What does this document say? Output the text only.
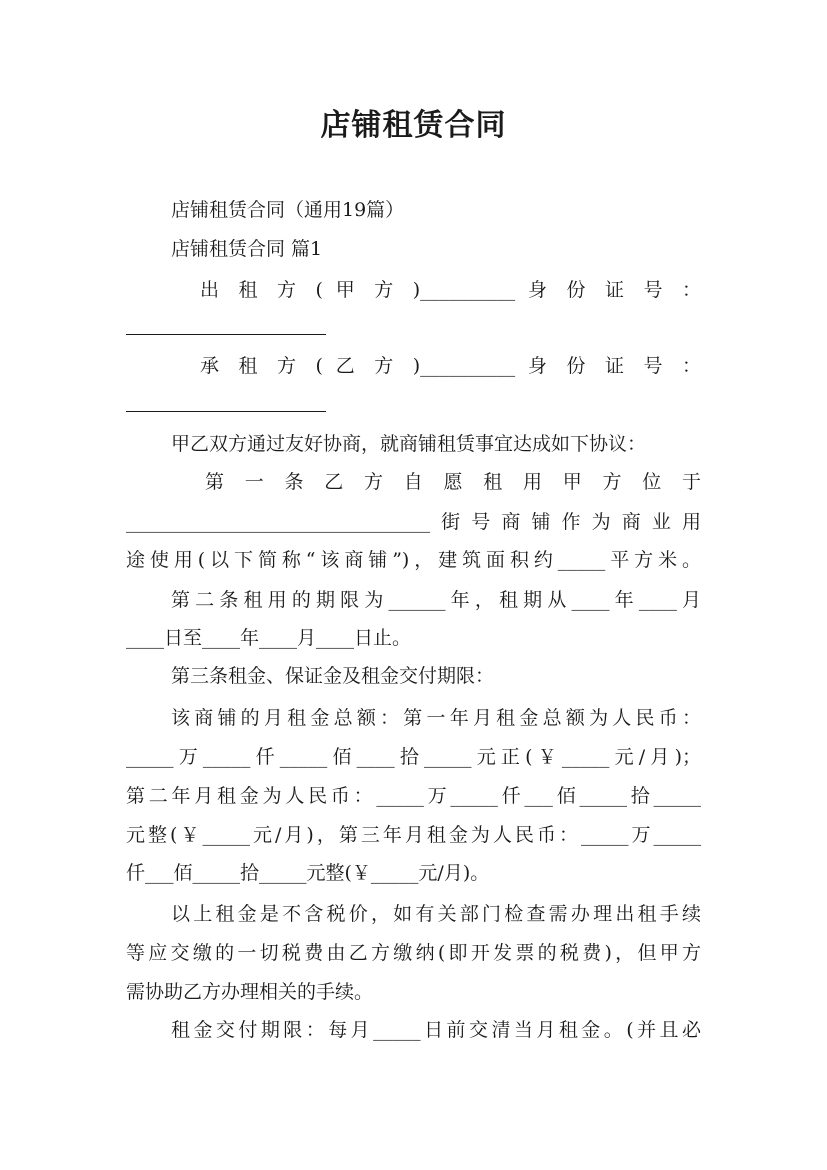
店铺租赁合同
店铺租赁合同（通用19篇）
店铺租赁合同 篇1
出 租 方 ( 甲 方 )__________ 身 份 证 号 ：
承 租 方 ( 乙 方 )__________ 身 份 证 号 ：
甲乙双方通过友好协商，就商铺租赁事宜达成如下协议：
第 一 条 乙 方 自 愿 租 用 甲 方 位 于
________________________________街号商铺作为商业用
途使用(以下简称“该商铺”)，建筑面积约_____平方米。
第二条租用的期限为______年，租期从____年____月
____日至____年____月____日止。
第三条租金、保证金及租金交付期限：
该商铺的月租金总额：第一年月租金总额为人民币：
_____万_____仟_____佰____拾_____元正(￥_____元/月)；
第二年月租金为人民币：_____万_____仟___佰_____拾_____
元整(￥_____元/月)，第三年月租金为人民币：_____万_____
仟___佰_____拾_____元整(￥_____元/月)。
以上租金是不含税价，如有关部门检查需办理出租手续
等应交缴的一切税费由乙方缴纳(即开发票的税费)，但甲方
需协助乙方办理相关的手续。
租金交付期限：每月_____日前交清当月租金。(并且必
